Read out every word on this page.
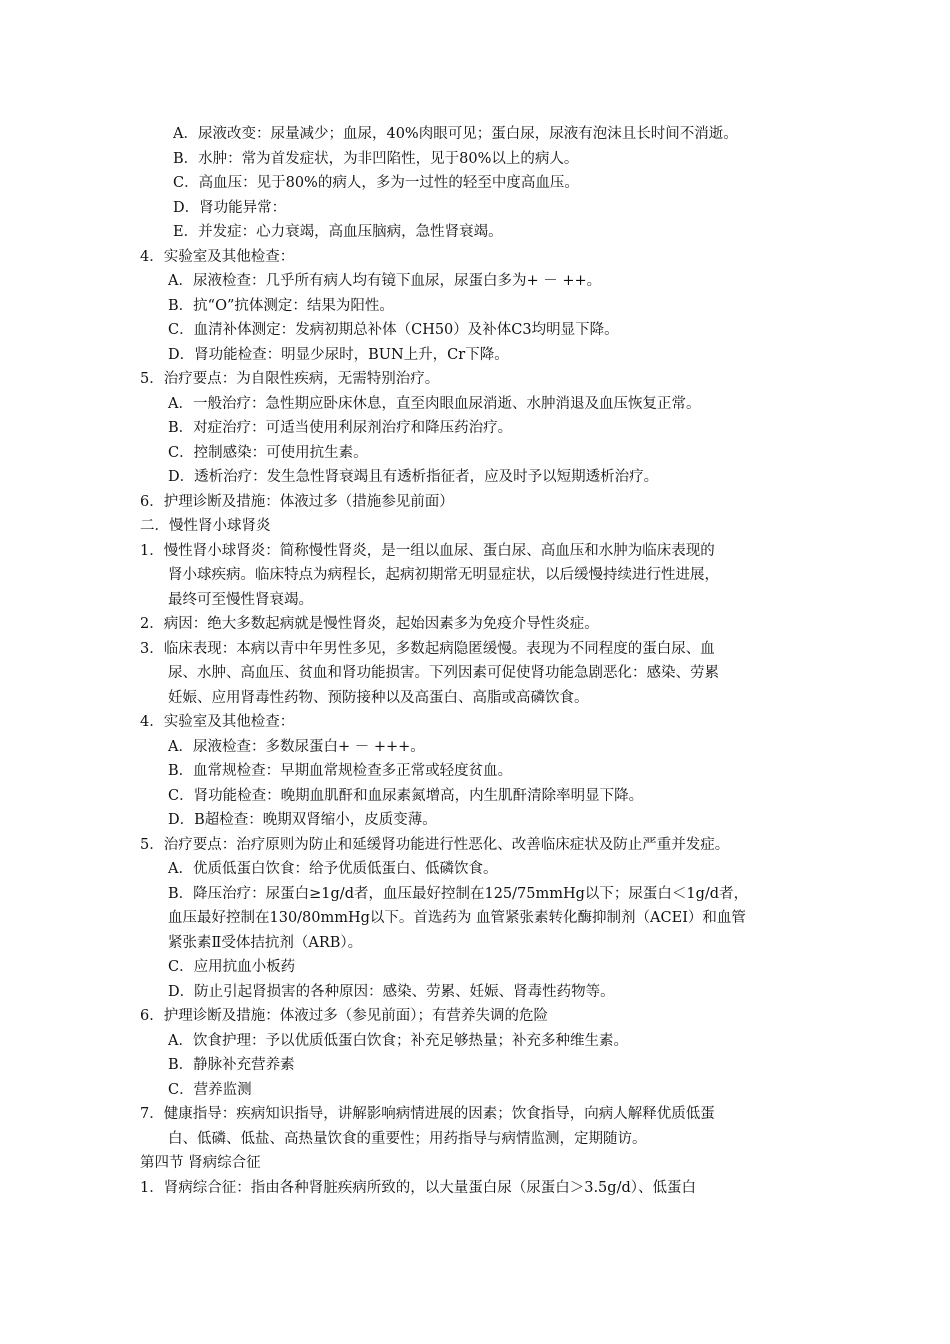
A．尿液改变：尿量减少；血尿，40%肉眼可见；蛋白尿，尿液有泡沫且长时间不消逝。
B．水肿：常为首发症状，为非凹陷性，见于80%以上的病人。
C．高血压：见于80%的病人，多为一过性的轻至中度高血压。
D．肾功能异常：
E．并发症：心力衰竭，高血压脑病，急性肾衰竭。
4．实验室及其他检查：
A．尿液检查：几乎所有病人均有镜下血尿，尿蛋白多为+ － ++。
B．抗“O”抗体测定：结果为阳性。
C．血清补体测定：发病初期总补体（CH50）及补体C3均明显下降。
D．肾功能检查：明显少尿时，BUN上升，Cr下降。
5．治疗要点：为自限性疾病，无需特别治疗。
A．一般治疗：急性期应卧床休息，直至肉眼血尿消逝、水肿消退及血压恢复正常。
B．对症治疗：可适当使用利尿剂治疗和降压药治疗。
C．控制感染：可使用抗生素。
D．透析治疗：发生急性肾衰竭且有透析指征者，应及时予以短期透析治疗。
6．护理诊断及措施：体液过多（措施参见前面）
二．慢性肾小球肾炎
1．慢性肾小球肾炎：简称慢性肾炎，是一组以血尿、蛋白尿、高血压和水肿为临床表现的
肾小球疾病。临床特点为病程长，起病初期常无明显症状，以后缓慢持续进行性进展，
最终可至慢性肾衰竭。
2．病因：绝大多数起病就是慢性肾炎，起始因素多为免疫介导性炎症。
3．临床表现：本病以青中年男性多见，多数起病隐匿缓慢。表现为不同程度的蛋白尿、血
尿、水肿、高血压、贫血和肾功能损害。下列因素可促使肾功能急剧恶化：感染、劳累
妊娠、应用肾毒性药物、预防接种以及高蛋白、高脂或高磷饮食。
4．实验室及其他检查：
A．尿液检查：多数尿蛋白+ － +++。
B．血常规检查：早期血常规检查多正常或轻度贫血。
C．肾功能检查：晚期血肌酐和血尿素氮增高，内生肌酐清除率明显下降。
D．B超检查：晚期双肾缩小，皮质变薄。
5．治疗要点：治疗原则为防止和延缓肾功能进行性恶化、改善临床症状及防止严重并发症。
A．优质低蛋白饮食：给予优质低蛋白、低磷饮食。
B．降压治疗：尿蛋白≥1g/d者，血压最好控制在125/75mmHg以下；尿蛋白＜1g/d者，
血压最好控制在130/80mmHg以下。首选药为 血管紧张素转化酶抑制剂（ACEI）和血管
紧张素Ⅱ受体拮抗剂（ARB）。
C．应用抗血小板药
D．防止引起肾损害的各种原因：感染、劳累、妊娠、肾毒性药物等。
6．护理诊断及措施：体液过多（参见前面）；有营养失调的危险
A．饮食护理：予以优质低蛋白饮食；补充足够热量；补充多种维生素。
B．静脉补充营养素
C．营养监测
7．健康指导：疾病知识指导，讲解影响病情进展的因素；饮食指导，向病人解释优质低蛋
白、低磷、低盐、高热量饮食的重要性；用药指导与病情监测，定期随访。
第四节 肾病综合征
1．肾病综合征：指由各种肾脏疾病所致的，以大量蛋白尿（尿蛋白＞3.5g/d）、低蛋白
